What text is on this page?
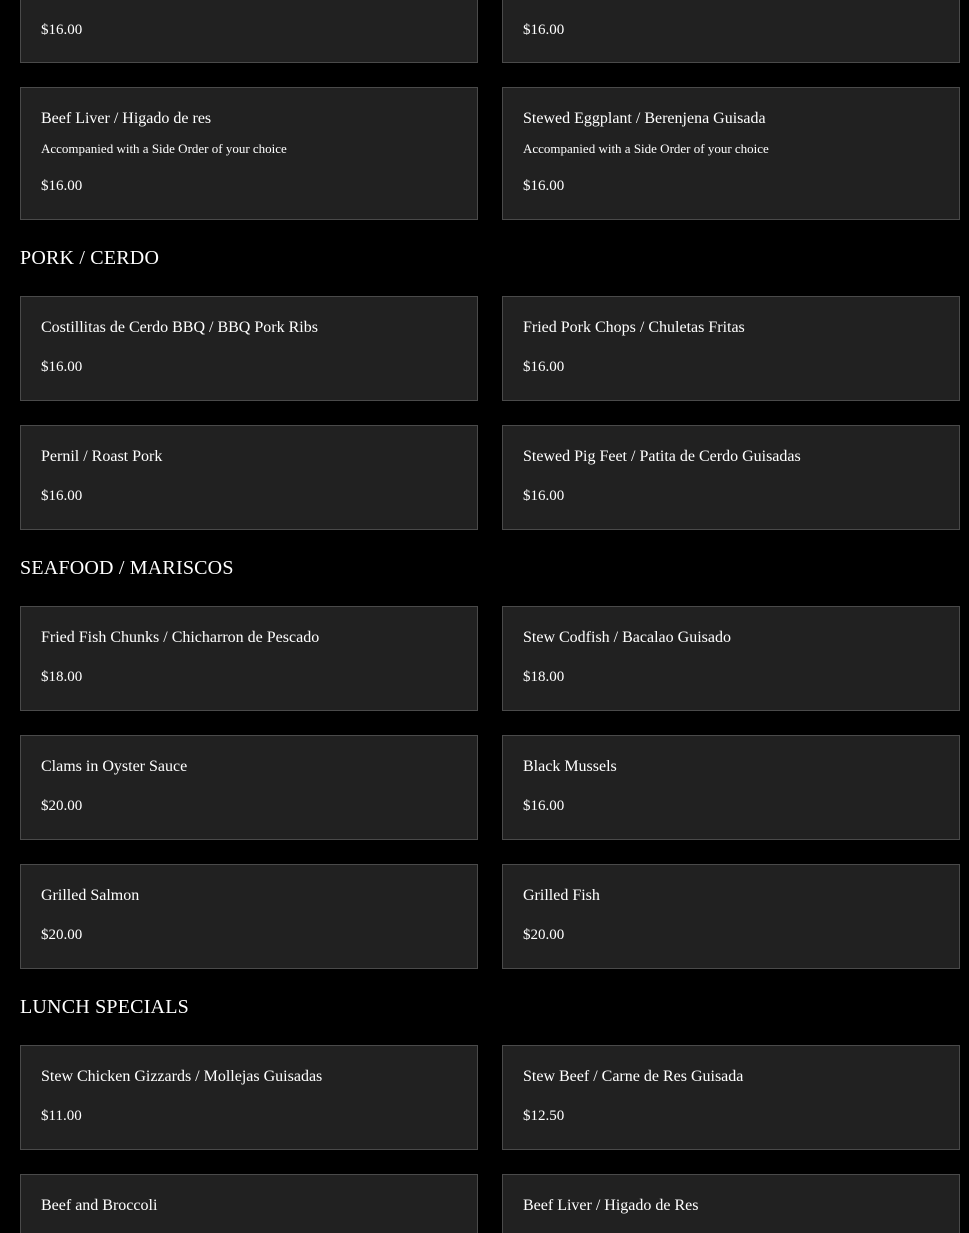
$16.00	$16.00
Beef Liver / Higado de res
Accompanied with a Side Order of your choice
$16.00
Stewed Eggplant / Berenjena Guisada
Accompanied with a Side Order of your choice
$16.00
PORK / CERDO
Costillitas de Cerdo BBQ / BBQ Pork Ribs
$16.00
Fried Pork Chops / Chuletas Fritas
$16.00
Pernil / Roast Pork
$16.00
Stewed Pig Feet / Patita de Cerdo Guisadas
$16.00
SEAFOOD / MARISCOS
Fried Fish Chunks / Chicharron de Pescado
$18.00
Stew Codfish / Bacalao Guisado
$18.00
Clams in Oyster Sauce
$20.00
Black Mussels
$16.00
Grilled Salmon
$20.00
Grilled Fish
$20.00
LUNCH SPECIALS
Stew Chicken Gizzards / Mollejas Guisadas
$11.00
Stew Beef / Carne de Res Guisada
$12.50
Beef and Broccoli	Beef Liver / Higado de Res
